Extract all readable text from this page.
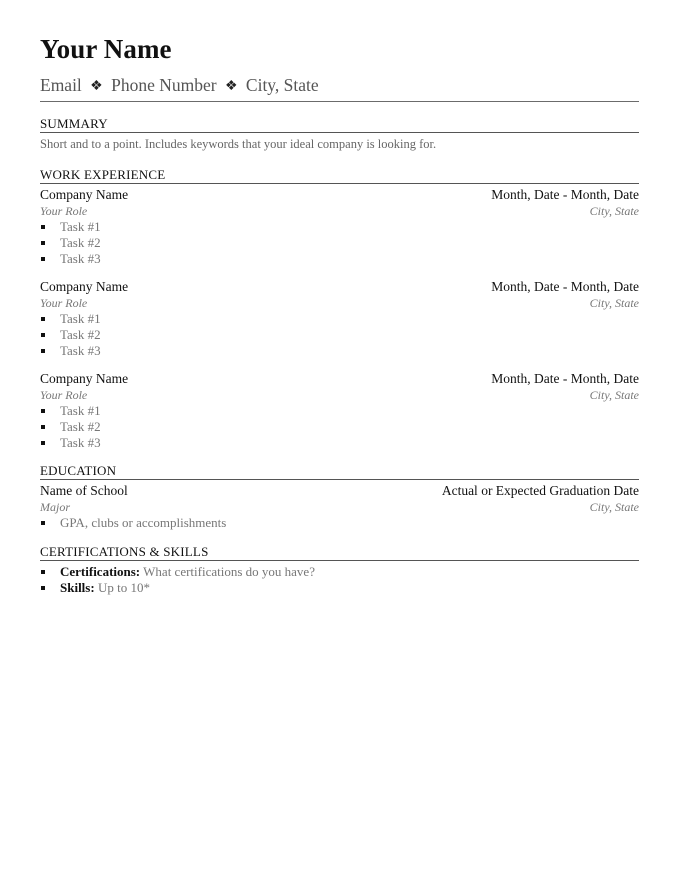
Your Name
Email ❖ Phone Number ❖ City, State
SUMMARY
Short and to a point. Includes keywords that your ideal company is looking for.
WORK EXPERIENCE
Company Name	Month, Date - Month, Date
Your Role	City, State
Task #1
Task #2
Task #3
Company Name	Month, Date - Month, Date
Your Role	City, State
Task #1
Task #2
Task #3
Company Name	Month, Date - Month, Date
Your Role	City, State
Task #1
Task #2
Task #3
EDUCATION
Name of School	Actual or Expected Graduation Date
Major	City, State
GPA, clubs or accomplishments
CERTIFICATIONS & SKILLS
Certifications: What certifications do you have?
Skills: Up to 10*
